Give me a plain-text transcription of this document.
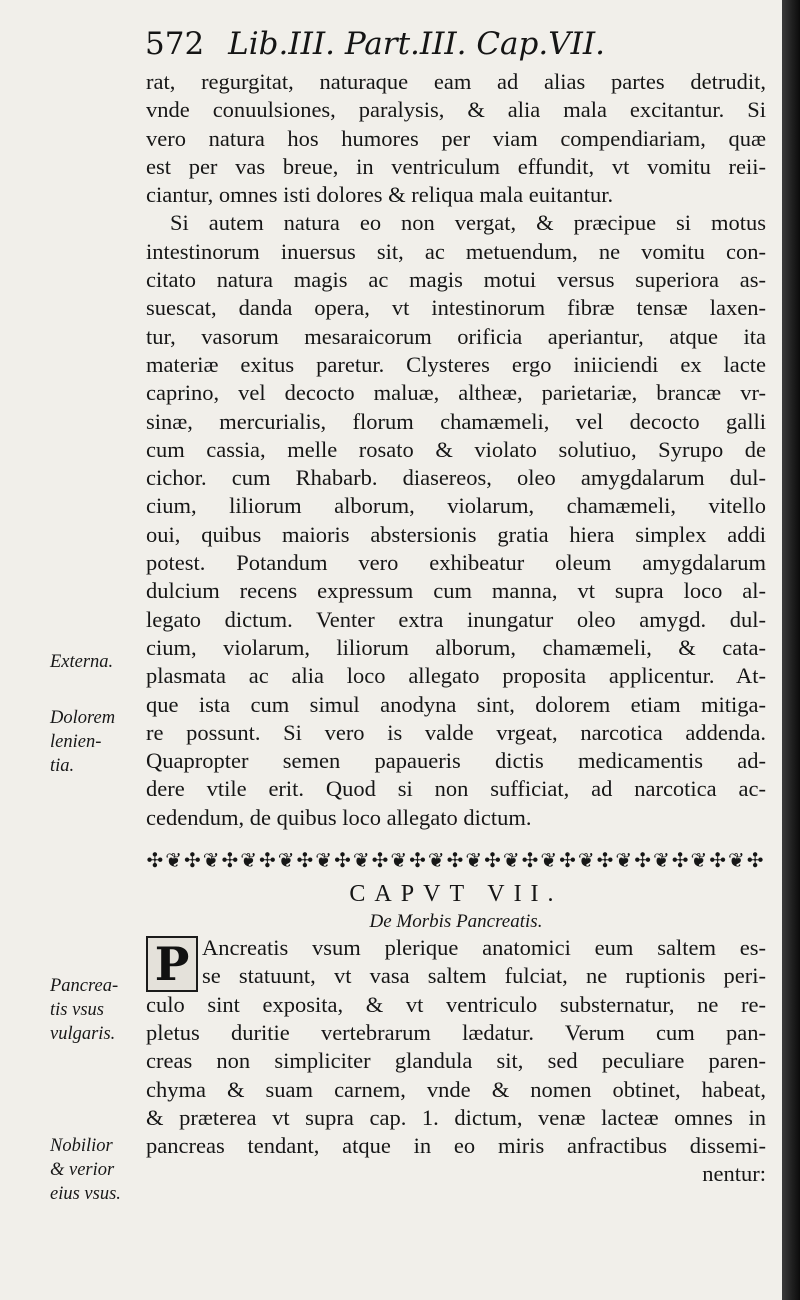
572 Lib.III. Part.III. Cap.VII.
rat, regurgitat, naturaque eam ad alias partes detrudit,
vnde conuulsiones, paralysis, & alia mala excitantur. Si
vero natura hos humores per viam compendiariam, quæ
est per vas breue, in ventriculum effundit, vt vomitu reii-
ciantur, omnes isti dolores & reliqua mala euitantur.
Si autem natura eo non vergat, & præcipue si motus
intestinorum inuersus sit, ac metuendum, ne vomitu con-
citato natura magis ac magis motui versus superiora as-
suescat, danda opera, vt intestinorum fibræ tensæ laxen-
tur, vasorum mesaraicorum orificia aperiantur, atque ita
materiæ exitus paretur. Clysteres ergo iniiciendi ex lacte
caprino, vel decocto maluæ, altheæ, parietariæ, brancæ vr-
sinæ, mercurialis, florum chamæmeli, vel decocto galli
cum cassia, melle rosato & violato solutiuo, Syrupo de
cichor. cum Rhabarb. diasereos, oleo amygdalarum dul-
cium, liliorum alborum, violarum, chamæmeli, vitello
oui, quibus maioris abstersionis gratia hiera simplex addi
potest. Potandum vero exhibeatur oleum amygdalarum
dulcium recens expressum cum manna, vt supra loco al-
legato dictum. Venter extra inungatur oleo amygd. dul-
cium, violarum, liliorum alborum, chamæmeli, & cata-
plasmata ac alia loco allegato proposita applicentur. At-
que ista cum simul anodyna sint, dolorem etiam mitiga-
re possunt. Si vero is valde vrgeat, narcotica addenda.
Quapropter semen papaueris dictis medicamentis ad-
dere vtile erit. Quod si non sufficiat, ad narcotica ac-
cedendum, de quibus loco allegato dictum.
✣❦✣❦✣❦✣❦✣❦✣❦✣❦✣❦✣❦✣❦✣❦✣❦✣❦✣❦✣❦✣❦✣
CAPVT VII.
De Morbis Pancreatis.
Ancreatis vsum plerique anatomici eum saltem es-
se statuunt, vt vasa saltem fulciat, ne ruptionis peri-
culo sint exposita, & vt ventriculo substernatur, ne re-
pletus duritie vertebrarum lædatur. Verum cum pan-
creas non simpliciter glandula sit, sed peculiare paren-
chyma & suam carnem, vnde & nomen obtinet, habeat,
& præterea vt supra cap. 1. dictum, venæ lacteæ omnes in
pancreas tendant, atque in eo miris anfractibus dissemi-
nentur:
P
Externa.
Dolorem
lenien-
tia.
Pancrea-
tis vsus
vulgaris.
Nobilior
& verior
eius vsus.
